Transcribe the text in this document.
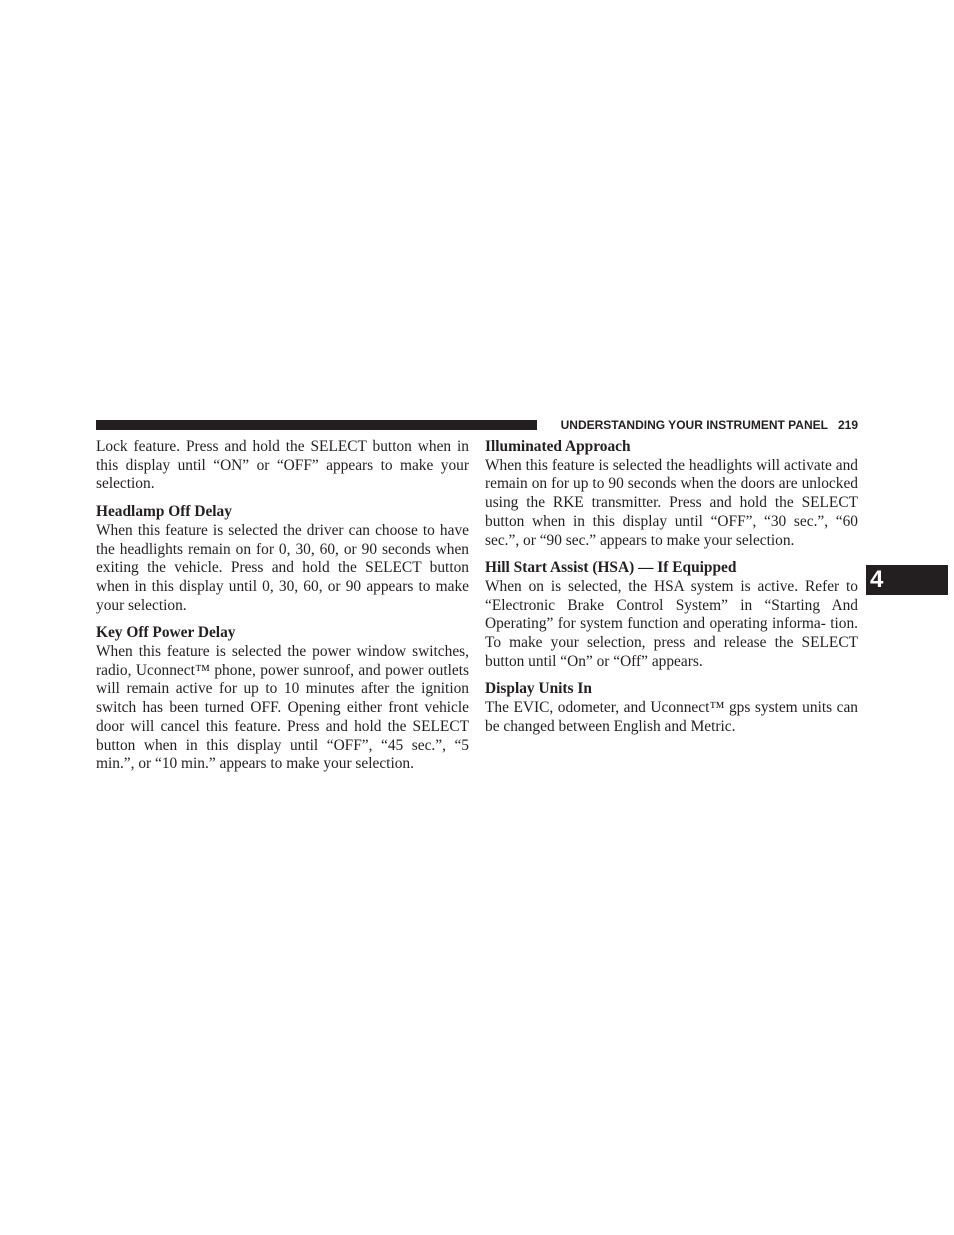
UNDERSTANDING YOUR INSTRUMENT PANEL 219
4

Lock feature. Press and hold the SELECT button when in this display until “ON” or “OFF” appears to make your selection.

Headlamp Off Delay

When this feature is selected the driver can choose to have the headlights remain on for 0, 30, 60, or 90 seconds when exiting the vehicle. Press and hold the SELECT button when in this display until 0, 30, 60, or 90 appears to make your selection.

Key Off Power Delay

When this feature is selected the power window switches, radio, Uconnect™ phone, power sunroof, and power outlets will remain active for up to 10 minutes after the ignition switch has been turned OFF. Opening either front vehicle door will cancel this feature. Press and hold the SELECT button when in this display until “OFF”, “45 sec.”, “5 min.”, or “10 min.” appears to make your selection.

Illuminated Approach

When this feature is selected the headlights will activate and remain on for up to 90 seconds when the doors are unlocked using the RKE transmitter. Press and hold the SELECT button when in this display until “OFF”, “30 sec.”, “60 sec.”, or “90 sec.” appears to make your selection.

Hill Start Assist (HSA) — If Equipped

When on is selected, the HSA system is active. Refer to “Electronic Brake Control System” in “Starting And Operating” for system function and operating informa- tion. To make your selection, press and release the SELECT button until “On” or “Off” appears.

Display Units In

The EVIC, odometer, and Uconnect™ gps system units can be changed between English and Metric.
